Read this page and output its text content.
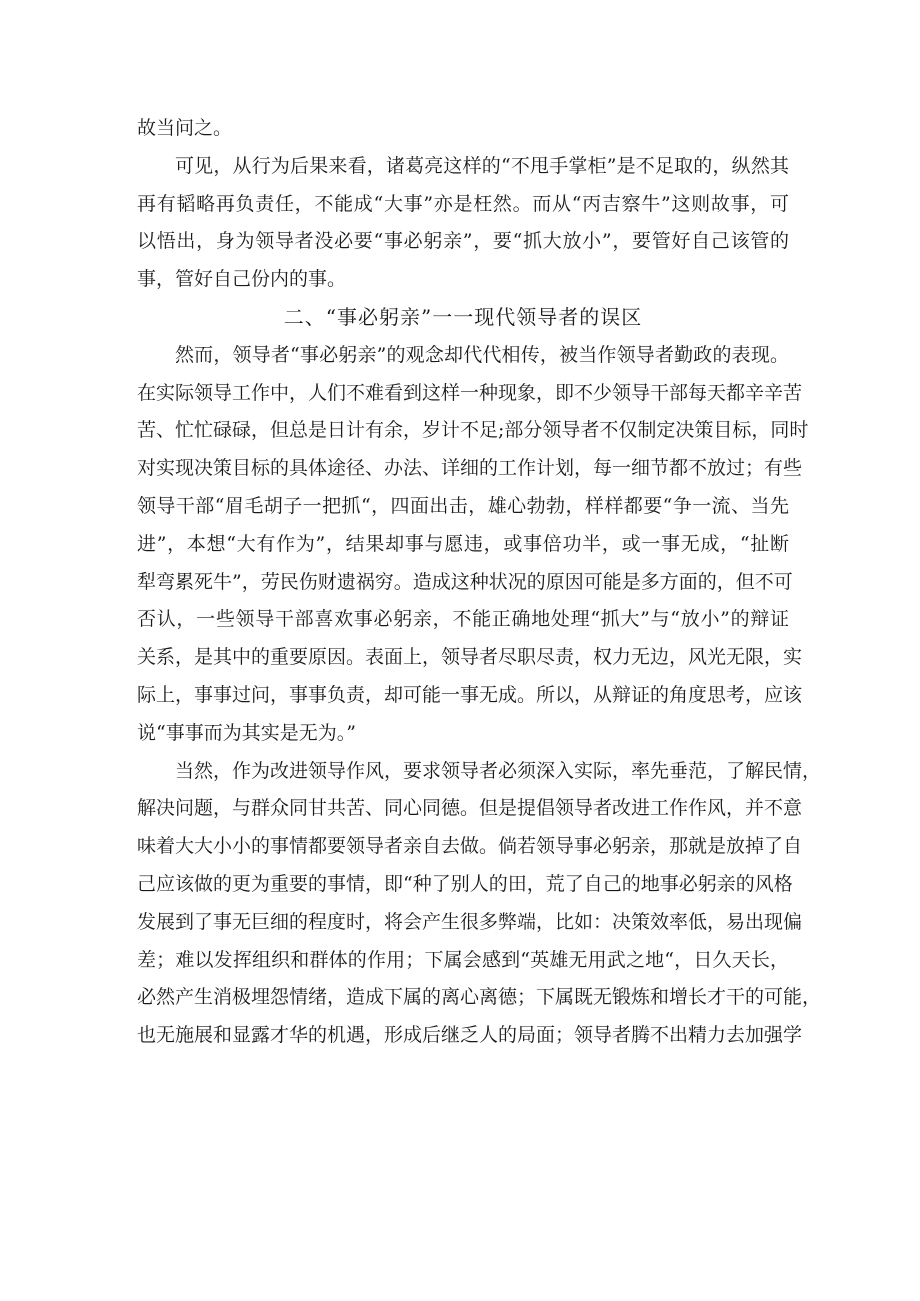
故当问之。
可见，从行为后果来看，诸葛亮这样的“不甩手掌柜”是不足取的，纵然其
再有韬略再负责任，不能成“大事”亦是枉然。而从“丙吉察牛”这则故事，可
以悟出，身为领导者没必要“事必躬亲”，要“抓大放小”，要管好自己该管的
事，管好自己份内的事。
二、“事必躬亲”一一现代领导者的误区
然而，领导者“事必躬亲”的观念却代代相传，被当作领导者勤政的表现。
在实际领导工作中，人们不难看到这样一种现象，即不少领导干部每天都辛辛苦
苦、忙忙碌碌，但总是日计有余，岁计不足;部分领导者不仅制定决策目标，同时
对实现决策目标的具体途径、办法、详细的工作计划，每一细节都不放过；有些
领导干部“眉毛胡子一把抓“，四面出击，雄心勃勃，样样都要“争一流、当先
进”，本想“大有作为”，结果却事与愿违，或事倍功半，或一事无成，“扯断
犁弯累死牛”，劳民伤财遗祸穷。造成这种状况的原因可能是多方面的，但不可
否认，一些领导干部喜欢事必躬亲，不能正确地处理“抓大”与“放小”的辩证
关系，是其中的重要原因。表面上，领导者尽职尽责，权力无边，风光无限，实
际上，事事过问，事事负责，却可能一事无成。所以，从辩证的角度思考，应该
说“事事而为其实是无为。”
当然，作为改进领导作风，要求领导者必须深入实际，率先垂范，了解民情，
解决问题，与群众同甘共苦、同心同德。但是提倡领导者改进工作作风，并不意
味着大大小小的事情都要领导者亲自去做。倘若领导事必躬亲，那就是放掉了自
己应该做的更为重要的事情，即“种了别人的田，荒了自己的地事必躬亲的风格
发展到了事无巨细的程度时，将会产生很多弊端，比如：决策效率低，易出现偏
差；难以发挥组织和群体的作用；下属会感到“英雄无用武之地“，日久天长，
必然产生消极埋怨情绪，造成下属的离心离德；下属既无锻炼和增长才干的可能，
也无施展和显露才华的机遇，形成后继乏人的局面；领导者腾不出精力去加强学
